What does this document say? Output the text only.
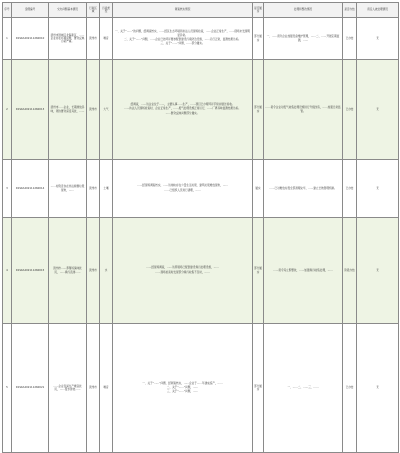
序号	受理编号	交办问题基本情况	行政区域	污染类型	调查核实情况	是否属实	处理和整改情况	是否办结	责任人被处理情况
1	D1SKA202111260010	滨州市滨城区北海新区，……企业存在环境问题，群众反映污染严重。	滨州市	噪音	一、关于“……”的问题，经调查核实，……经区生态环境局执法人员现场检查，……企业正常生产，……现场未发现明显异常。
二、关于“……”问题，……企业已按环评要求配套建设污染防治设施，……运行正常，监测结果达标。
三、关于“……”问题，……部分属实。	部分属实	一、……责令企业加强设备维护管理，……二、……开展定期监测，……	已办结	无
2	D1SKA202111260013	滨州市……企业，长期排放异味，周边群众深受其扰，……	滨州市	大气	经调查，……该企业位于……，主要从事……生产，……项目已办理环评手续并通过验收。
……执法人员现场检查时，企业正常生产，……废气处理设施正常运行，……厂界异味监测结果达标。
……群众反映问题部分属实。	部分属实	……责令企业对废气收集处理设施进行升级改造，……加强日常监管。	已办结	无
3	D1SKA202111260014	……村附近存在非法倾倒垃圾现象，……	滨州市	土壤	……经现场调查核实，……该地块存在少量生活垃圾、建筑垃圾堆放现象，……
……已组织人员进行清理，……	属实	……已对堆放垃圾全部清理完毕，……建立长效管理机制。	已办结	无
4	D1SKA202111260015	滨州市……养殖场臭味扰民，……粪污直排……	滨州市	水	……经现场调查，……该养殖场已配套建设粪污处理设施，……
……现场检查时发现部分粪污收集不及时，……	部分属实	……责令其立即整改，……加强粪污收集处理，……	阶段办结	无
5	D1SKA202111260021	……企业夜间生产噪音扰民，……废水排放……	滨州市	噪音	一、关于“……”问题，经调查核实，……企业于……年建成投产，……
二、关于“……”问题，……
三、关于“……”问题，……	部分属实	一、……二、……三、……	已办结	无
